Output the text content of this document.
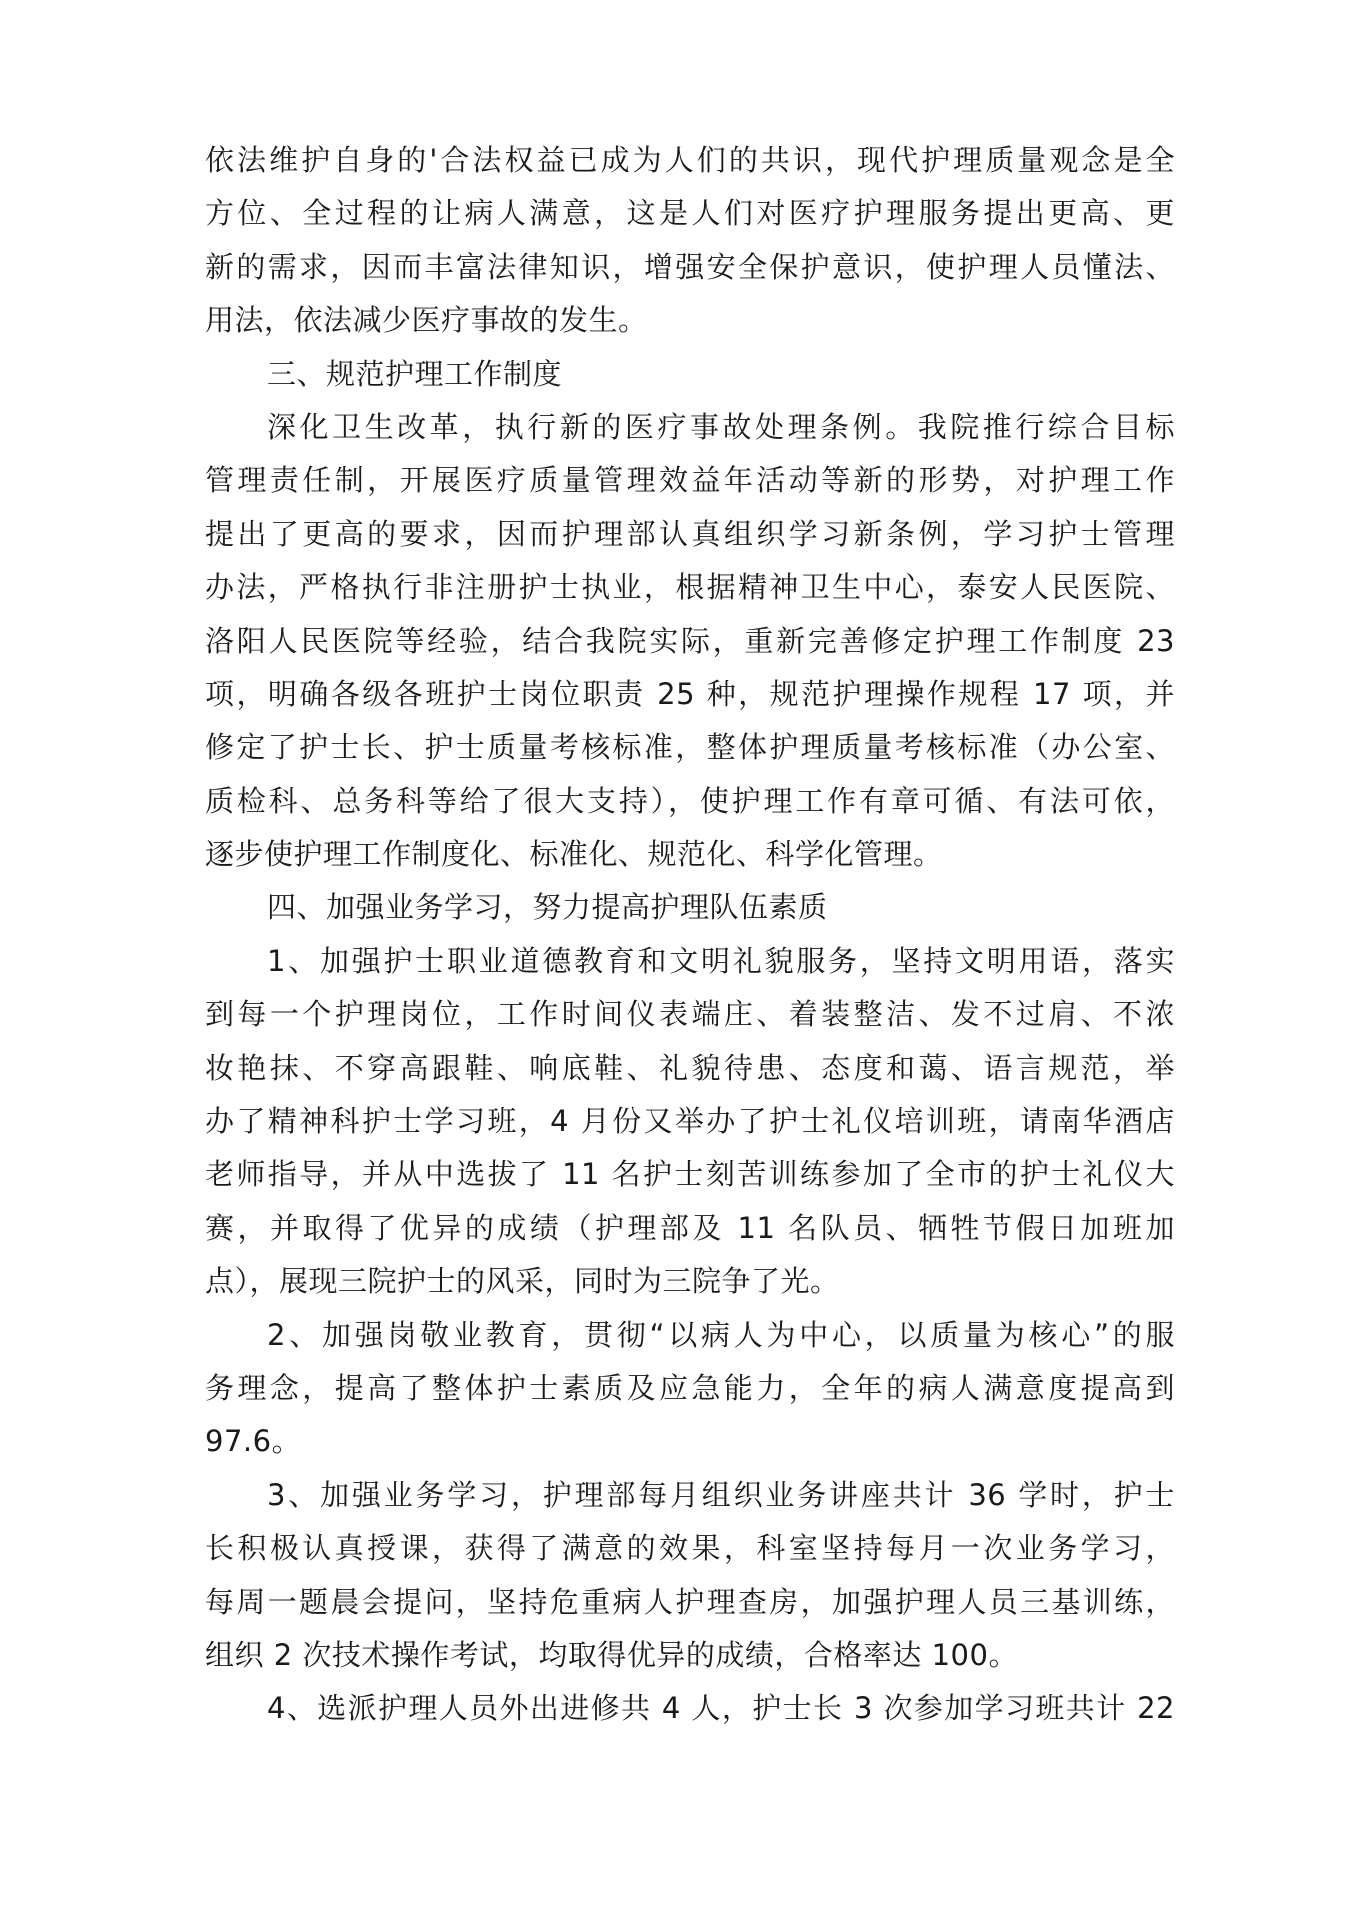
依法维护自身的'合法权益已成为人们的共识，现代护理质量观念是全
方位、全过程的让病人满意，这是人们对医疗护理服务提出更高、更
新的需求，因而丰富法律知识，增强安全保护意识，使护理人员懂法、
用法，依法减少医疗事故的发生。
三、规范护理工作制度
深化卫生改革，执行新的医疗事故处理条例。我院推行综合目标
管理责任制，开展医疗质量管理效益年活动等新的形势，对护理工作
提出了更高的要求，因而护理部认真组织学习新条例，学习护士管理
办法，严格执行非注册护士执业，根据精神卫生中心，泰安人民医院、
洛阳人民医院等经验，结合我院实际，重新完善修定护理工作制度 23
项，明确各级各班护士岗位职责 25 种，规范护理操作规程 17 项，并
修定了护士长、护士质量考核标准，整体护理质量考核标准（办公室、
质检科、总务科等给了很大支持），使护理工作有章可循、有法可依，
逐步使护理工作制度化、标准化、规范化、科学化管理。
四、加强业务学习，努力提高护理队伍素质
1、加强护士职业道德教育和文明礼貌服务，坚持文明用语，落实
到每一个护理岗位，工作时间仪表端庄、着装整洁、发不过肩、不浓
妆艳抹、不穿高跟鞋、响底鞋、礼貌待患、态度和蔼、语言规范，举
办了精神科护士学习班，4 月份又举办了护士礼仪培训班，请南华酒店
老师指导，并从中选拔了 11 名护士刻苦训练参加了全市的护士礼仪大
赛，并取得了优异的成绩（护理部及 11 名队员、牺牲节假日加班加
点），展现三院护士的风采，同时为三院争了光。
2、加强岗敬业教育，贯彻“以病人为中心，以质量为核心”的服
务理念，提高了整体护士素质及应急能力，全年的病人满意度提高到
97.6。
3、加强业务学习，护理部每月组织业务讲座共计 36 学时，护士
长积极认真授课，获得了满意的效果，科室坚持每月一次业务学习，
每周一题晨会提问，坚持危重病人护理查房，加强护理人员三基训练，
组织 2 次技术操作考试，均取得优异的成绩，合格率达 100。
4、选派护理人员外出进修共 4 人，护士长 3 次参加学习班共计 22
